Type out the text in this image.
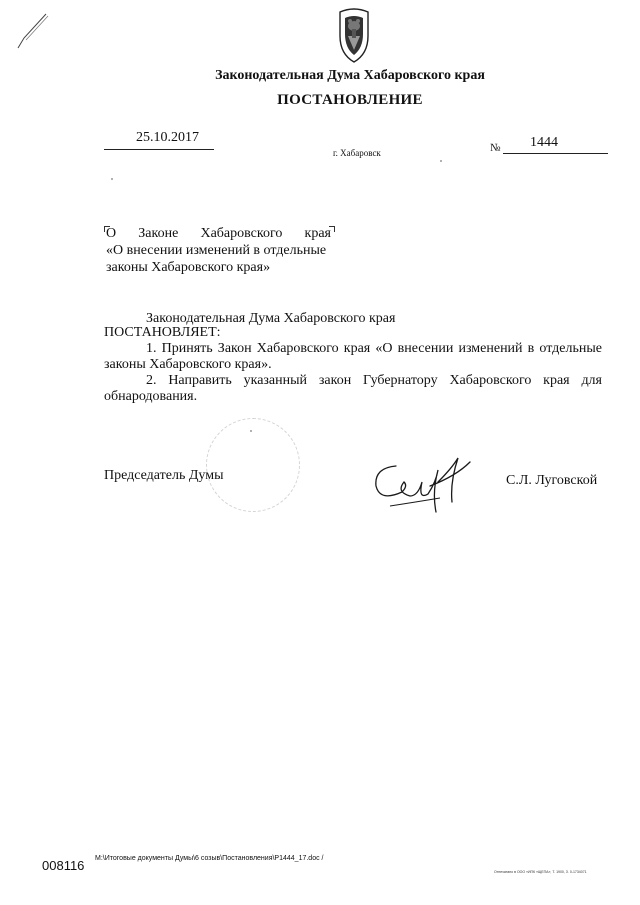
Законодательная Дума Хабаровского края
ПОСТАНОВЛЕНИЕ
25.10.2017
г. Хабаровск	№ 1444
О Законе Хабаровского края
«О внесении изменений в отдельные
законы Хабаровского края»
Законодательная Дума Хабаровского края
ПОСТАНОВЛЯЕТ:
1. Принять Закон Хабаровского края «О внесении изменений в отдельные законы Хабаровского края».
2. Направить указанный закон Губернатору Хабаровского края для обнародования.
Председатель Думы	С.Л. Луговской
008116 M:\Итоговые документы Думы\6 созыв\Постановления\P1444_17.doc /
Отпечатано в ООО «ИПК «ЩЕПА», Т. 1900, З. 0-1734071
